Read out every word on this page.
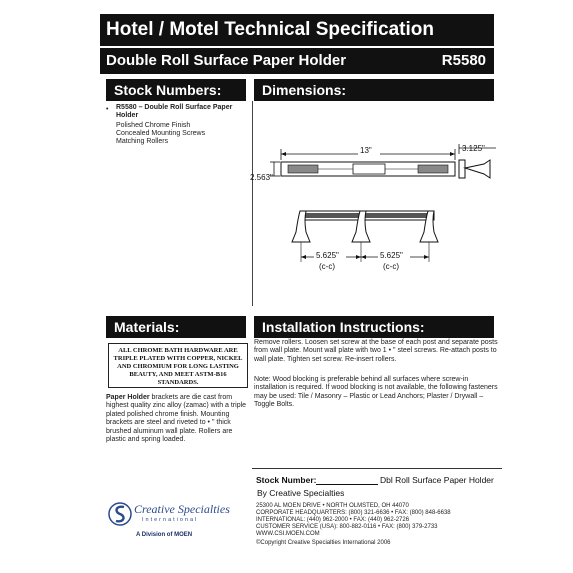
Hotel / Motel Technical Specification
Double Roll Surface Paper Holder	R5580
Stock Numbers:
•	R5580 – Double Roll Surface Paper Holder
Polished Chrome Finish
Concealed Mounting Screws
Matching Rollers
Dimensions:
13"
2.563"
3.125"
5.625"	5.625"
(c-c)	(c-c)
Materials:
ALL CHROME BATH HARDWARE ARE TRIPLE PLATED WITH COPPER, NICKEL AND CHROMIUM FOR LONG LASTING BEAUTY, AND MEET ASTM-B16 STANDARDS.
Paper Holder brackets are die cast from highest quality zinc alloy (zamac) with a triple plated polished chrome finish. Mounting brackets are steel and riveted to • " thick brushed aluminum wall plate. Rollers are plastic and spring loaded.
Installation Instructions:
Remove rollers. Loosen set screw at the base of each post and separate posts from wall plate. Mount wall plate with two 1 • " steel screws. Re-attach posts to wall plate. Tighten set screw. Re-insert rollers.
Note: Wood blocking is preferable behind all surfaces where screw-in installation is required. If wood blocking is not available, the following fasteners may be used: Tile / Masonry – Plastic or Lead Anchors; Plaster / Drywall – Toggle Bolts.
Stock Number:	Dbl Roll Surface Paper Holder
By Creative Specialties
Creative Specialties
International
A Division of MOEN
25300 AL MOEN DRIVE • NORTH OLMSTED, OH 44070
CORPORATE HEADQUARTERS: (800) 321-6636 • FAX: (800) 848-6638
INTERNATIONAL: (440) 962-2000 • FAX: (440) 962-2726
CUSTOMER SERVICE (USA): 800-882-0116 • FAX: (800) 379-2733
WWW.CSI.MOEN.COM
©Copyright Creative Specialties International 2006
